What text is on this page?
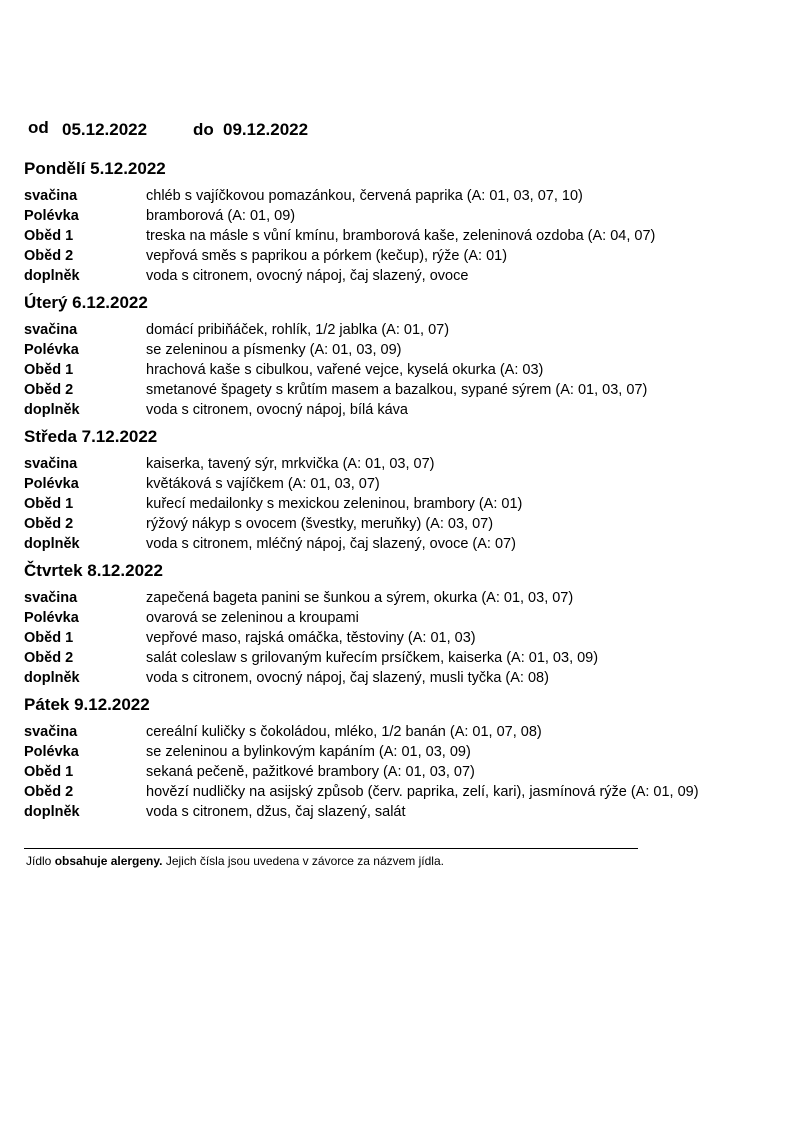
od 05.12.2022	do 09.12.2022
Pondělí 5.12.2022
svačina	chléb s vajíčkovou pomazánkou, červená paprika (A: 01, 03, 07, 10)
Polévka	bramborová (A: 01, 09)
Oběd 1	treska na másle s vůní kmínu, bramborová kaše, zeleninová ozdoba (A: 04, 07)
Oběd 2	vepřová směs s paprikou a pórkem (kečup), rýže (A: 01)
doplněk	voda s citronem, ovocný nápoj, čaj slazený, ovoce
Úterý 6.12.2022
svačina	domácí pribiňáček, rohlík, 1/2 jablka (A: 01, 07)
Polévka	se zeleninou a písmenky (A: 01, 03, 09)
Oběd 1	hrachová kaše s cibulkou, vařené vejce, kyselá okurka (A: 03)
Oběd 2	smetanové špagety s krůtím masem a bazalkou, sypané sýrem (A: 01, 03, 07)
doplněk	voda s citronem, ovocný nápoj, bílá káva
Středa 7.12.2022
svačina	kaiserka, tavený sýr, mrkvička (A: 01, 03, 07)
Polévka	květáková s vajíčkem (A: 01, 03, 07)
Oběd 1	kuřecí medailonky s mexickou zeleninou, brambory (A: 01)
Oběd 2	rýžový nákyp s ovocem (švestky, meruňky) (A: 03, 07)
doplněk	voda s citronem, mléčný nápoj, čaj slazený, ovoce (A: 07)
Čtvrtek 8.12.2022
svačina	zapečená bageta panini se šunkou a sýrem, okurka (A: 01, 03, 07)
Polévka	ovarová se zeleninou a kroupami
Oběd 1	vepřové maso, rajská omáčka, těstoviny (A: 01, 03)
Oběd 2	salát coleslaw s grilovaným kuřecím prsíčkem, kaiserka (A: 01, 03, 09)
doplněk	voda s citronem, ovocný nápoj, čaj slazený, musli tyčka (A: 08)
Pátek 9.12.2022
svačina	cereální kuličky s čokoládou, mléko, 1/2 banán (A: 01, 07, 08)
Polévka	se zeleninou a bylinkovým kapáním (A: 01, 03, 09)
Oběd 1	sekaná pečeně, pažitkové brambory (A: 01, 03, 07)
Oběd 2	hovězí nudličky na asijský způsob (červ. paprika, zelí, kari), jasmínová rýže (A: 01, 09)
doplněk	voda s citronem, džus, čaj slazený, salát
Jídlo obsahuje alergeny. Jejich čísla jsou uvedena v závorce za názvem jídla.
